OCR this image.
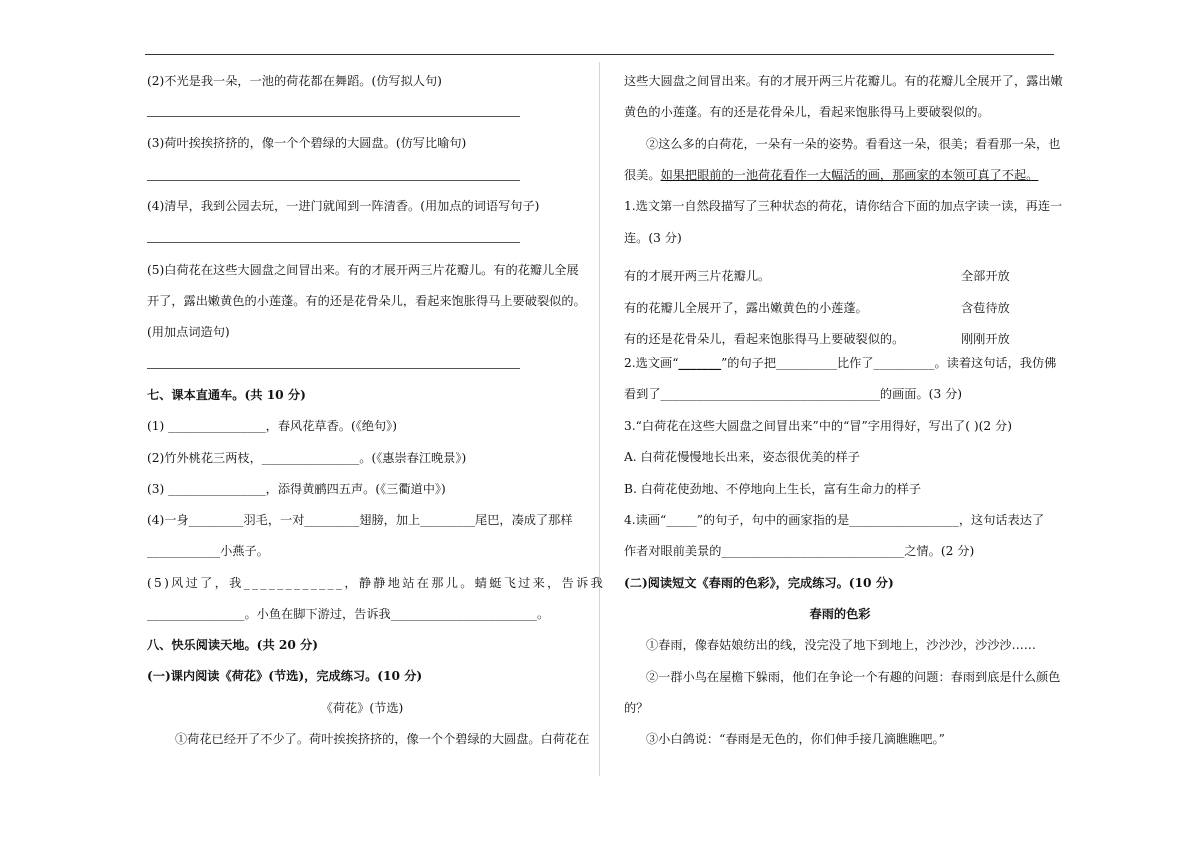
(2)不光是我一朵，一池的荷花都在舞蹈。(仿写拟人句)
(3)荷叶挨挨挤挤的，像一个个碧绿的大圆盘。(仿写比喻句)
(4)清早，我到公园去玩，一进门就闻到一阵清香。(用加点的词语写句子)
(5)白荷花在这些大圆盘之间冒出来。有的才展开两三片花瓣儿。有的花瓣儿全展
开了，露出嫩黄色的小莲蓬。有的还是花骨朵儿，看起来饱胀得马上要破裂似的。
(用加点词造句)
七、课本直通车。(共 10 分)
(1) ________________，春风花草香。(《绝句》)
(2)竹外桃花三两枝，________________。(《惠崇春江晚景》)
(3) ________________，添得黄鹂四五声。(《三衢道中》)
(4)一身_________羽毛，一对_________翅膀，加上_________尾巴，凑成了那样
____________小燕子。
(5)风过了，我____________，静静地站在那儿。蜻蜓飞过来，告诉我
________________。小鱼在脚下游过，告诉我________________________。
八、快乐阅读天地。(共 20 分)
(一)课内阅读《荷花》(节选)，完成练习。(10 分)
《荷花》(节选)
①荷花已经开了不少了。荷叶挨挨挤挤的，像一个个碧绿的大圆盘。白荷花在
这些大圆盘之间冒出来。有的才展开两三片花瓣儿。有的花瓣儿全展开了，露出嫩
黄色的小莲蓬。有的还是花骨朵儿，看起来饱胀得马上要破裂似的。
②这么多的白荷花，一朵有一朵的姿势。看看这一朵，很美；看看那一朵，也
很美。如果把眼前的一池荷花看作一大幅活的画，那画家的本领可真了不起。
1.选文第一自然段描写了三种状态的荷花，请你结合下面的加点字读一读，再连一
连。(3 分)
有的才展开两三片花瓣儿。	全部开放
有的花瓣儿全展开了，露出嫩黄色的小莲蓬。	含苞待放
有的还是花骨朵儿，看起来饱胀得马上要破裂似的。	刚刚开放
2.选文画“_______”的句子把__________比作了__________。读着这句话，我仿佛
看到了____________________________________的画面。(3 分)
3.“白荷花在这些大圆盘之间冒出来”中的“冒”字用得好，写出了( )(2 分)
A. 白荷花慢慢地长出来，姿态很优美的样子
B. 白荷花使劲地、不停地向上生长，富有生命力的样子
4.读画“_____”的句子，句中的画家指的是__________________，这句话表达了
作者对眼前美景的______________________________之情。(2 分)
(二)阅读短文《春雨的色彩》，完成练习。(10 分)
春雨的色彩
①春雨，像春姑娘纺出的线，没完没了地下到地上，沙沙沙，沙沙沙……
②一群小鸟在屋檐下躲雨，他们在争论一个有趣的问题：春雨到底是什么颜色
的？
③小白鸽说：“春雨是无色的，你们伸手接几滴瞧瞧吧。”
